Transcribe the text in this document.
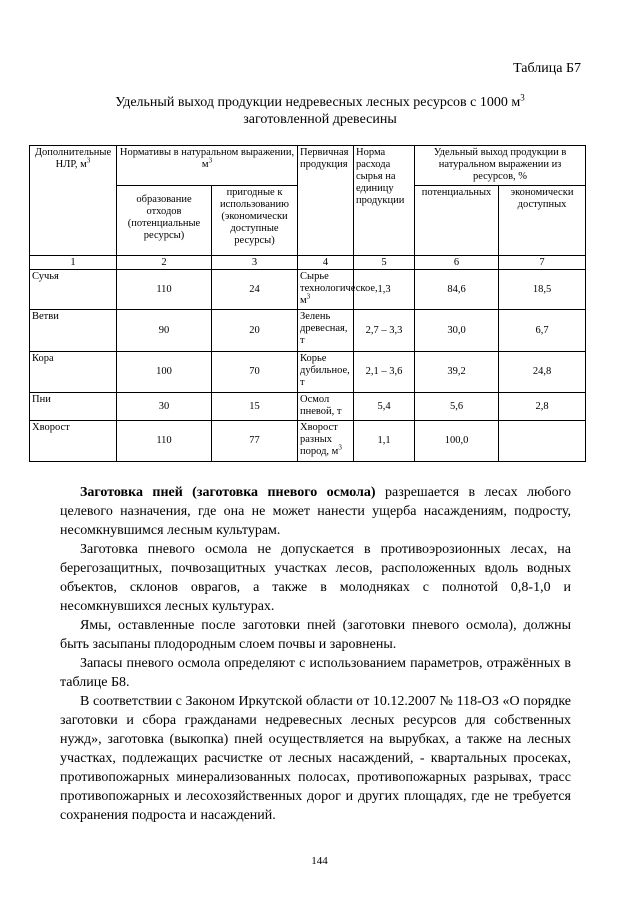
Таблица Б7
Удельный выход продукции недревесных лесных ресурсов с 1000 $м^3$
заготовленной древесины
Дополнительные НЛР, $м^3$	Нормативы в натуральном выражении, $м^3$		Первичная продукция	Норма расхода сырья на единицу продукции	Удельный выход продукции в натуральном выражении из ресурсов, %	
	образование отходов (потенциальные ресурсы)	пригодные к использованию (экономически доступные ресурсы)			потенциальных	экономически доступных
1	2	3	4	5	6	7
Сучья	110	24	Сырье технологическое, $м^3$	1,3	84,6	18,5
Ветви	90	20	Зелень древесная, т	2,7 – 3,3	30,0	6,7
Кора	100	70	Корье дубильное, т	2,1 – 3,6	39,2	24,8
Пни	30	15	Осмол пневой, т	5,4	5,6	2,8
Хворост	110	77	Хворост разных пород, $м^3$	1,1	100,0	

Заготовка пней (заготовка пневого осмола) разрешается в лесах любого целевого назначения, где она не может нанести ущерба насаждениям, подросту, несомкнувшимся лесным культурам.

Заготовка пневого осмола не допускается в противоэрозионных лесах, на берегозащитных, почвозащитных участках лесов, расположенных вдоль водных объектов, склонов оврагов, а также в молодняках с полнотой 0,8-1,0 и несомкнувшихся лесных культурах.

Ямы, оставленные после заготовки пней (заготовки пневого осмола), должны быть засыпаны плодородным слоем почвы и заровнены.

Запасы пневого осмола определяют с использованием параметров, отражённых в таблице Б8.

В соответствии с Законом Иркутской области от 10.12.2007 № 118-ОЗ «О порядке заготовки и сбора гражданами недревесных лесных ресурсов для собственных нужд», заготовка (выкопка) пней осуществляется на вырубках, а также на лесных участках, подлежащих расчистке от лесных насаждений, - квартальных просеках, противопожарных минерализованных полосах, противопожарных разрывах, трасс противопожарных и лесохозяйственных дорог и других площадях, где не требуется сохранения подроста и насаждений.

144
